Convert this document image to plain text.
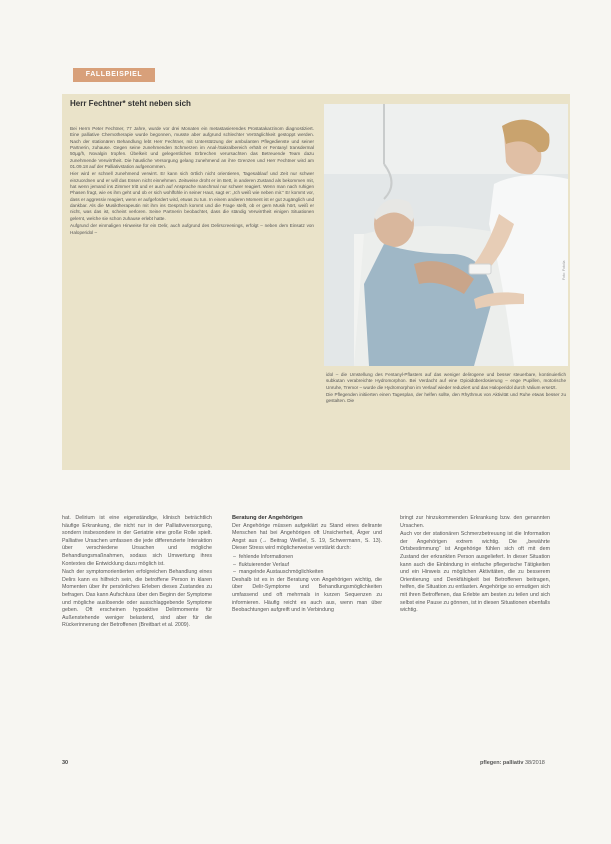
FALLBEISPIEL
Herr Fechtner* steht neben sich

Bei Herrn Peter Fechtner, 77 Jahre, wurde vor drei Monaten ein metastasierendes Prostatakarzinom diagnostiziert. Eine palliative Chemotherapie wurde begonnen, musste aber aufgrund schlechter Verträglichkeit gestoppt werden. Nach der stationären Behandlung lebt Herr Fechtner, mit Unterstützung der ambulanten Pflegedienste und seiner Partnerin, zuhause. Gegen seine zunehmenden Schmerzen im Anal-/Sakralbereich erhält er Fentanyl transdermal 50µg/h, Novalgin tropfen. Übelkeit und gelegentliches Erbrechen verursachten das Betreuende Team dazu zunehmende Verwirrtheit. Die häusliche Versorgung gelang zunehmend an ihre Grenzen und Herr Fechtner wird am 01.09.18 auf der Palliativstation aufgenommen.

Hier wird er schnell zunehmend verwirrt. Er kann sich örtlich nicht orientieren, Tagesablauf und Zeit nur schwer einzuordnen und er will das Essen nicht einnehmen. Zeitweise droht er im Bett, in anderen Zustand als bekommen mit, hat wenn jemand ins Zimmer tritt und er auch auf Ansprache manchmal nur schwer reagiert. Wenn man nach ruhigen Phasen fragt, wie es ihm geht und ob er sich wohlfühle in seiner Haut, sagt er: „Ich weiß wie neben mir.“ Er kommt vor, dass er aggressiv reagiert, wenn er aufgefordert wird, etwas zu tun. In einem anderen Moment ist er gut zugänglich und dankbar. Als die Musiktherapeutin mit ihm ins Gespräch kommt und die Frage stellt, ob er gern Musik hört, weiß er nicht, was das ist, scheint verloren. Seine Partnerin beobachtet, dass die ständig Verwirrtheit einigen Situationen gelernt, welche sie schon zuhause erlebt hatte.

Aufgrund der einmaligen Hinweise für ein Delir, auch aufgrund des Delirscreenings, erfolgt – neben dem Einsatz von Haloperidol –

Foto: Fotolia

idol – die Umstellung des Fentanyl-Pflasters auf das weniger delirogene und besser steuerbare, kontinuierlich subkutan verabreichte Hydromorphon. Bei Verdacht auf eine Opioidüberdosierung – enge Pupillen, motorische Unruhe, Tremor – wurde die Hydromorphon im Verlauf wieder reduziert und das Haloperidol durch Valium ersetzt.

Die Pflegenden initiierten einen Tagesplan, der helfen sollte, den Rhythmus von Aktivität und Ruhe etwas besser zu gestalten. Die

hat. Delirium ist eine eigenständige, klinisch beträchtlich häufige Erkrankung, die nicht nur in der Palliativversorgung, sondern insbesondere in der Geriatrie eine große Rolle spielt. Palliative Ursachen umfassen die jede differenzierte Interaktion über verschiedene Ursachen und mögliche Behandlungsmaßnahmen, sodass sich Umwertung ihres Kontextes die Entwicklung dazu möglich ist.

Nach der symptomorientierten erfolgreichen Behandlung eines Delirs kann es hilfreich sein, die betroffene Person in klaren Momenten über ihr persönliches Erleben dieses Zustandes zu befragen. Das kann Aufschluss über den Beginn der Symptome und mögliche auslösende oder ausschlaggebende Symptome geben. Oft erscheinen hypoaktive Delirmomente für Außenstehende weniger belastend, sind aber für die Rückerinnerung der Betroffenen (Breitbart et al. 2009).

Beratung der Angehörigen

Der Angehörige müssen aufgeklärt zu Stand eines delirante Menschen hat bei Angehörigen oft Unsicherheit, Ärger und Angst aus (→ Beitrag Weißel, S. 19, Schwermann, S. 13). Dieser Stress wird möglicherweise verstärkt durch:

– fehlende Informationen
– fluktuierender Verlauf
– mangelnde Austauschmöglichkeiten

Deshalb ist es in der Beratung von Angehörigen wichtig, die über Delir-Symptome und Behandlungsmöglichkeiten umfassend und oft mehrmals in kurzen Sequenzen zu informieren. Häufig reicht es auch aus, wenn man über Beobachtungen aufgreift und in Verbindung

bringt zur hinzukommenden Erkrankung bzw. den genannten Ursachen.

Auch vor der stationären Schmerzbetreuung ist die Information der Angehörigen extrem wichtig. Die „bewährte Ortsbestimmung“ ist Angehörige fühlen sich oft mit dem Zustand der erkrankten Person ausgeliefert. In dieser Situation kann auch die Einbindung in einfache pflegerische Tätigkeiten und ein Hinweis zu möglichen Aktivitäten, die zu besserem Orientierung und Denkfähigkeit bei Betroffenen beitragen, helfen, die Situation zu entlasten. Angehörige so ermutigen sich mit ihren Betroffenen, das Erlebte am besten zu teilen und sich selbst eine Pause zu gönnen, ist in diesen Situationen ebenfalls wichtig.

30	pflegen: palliativ 38/2018
